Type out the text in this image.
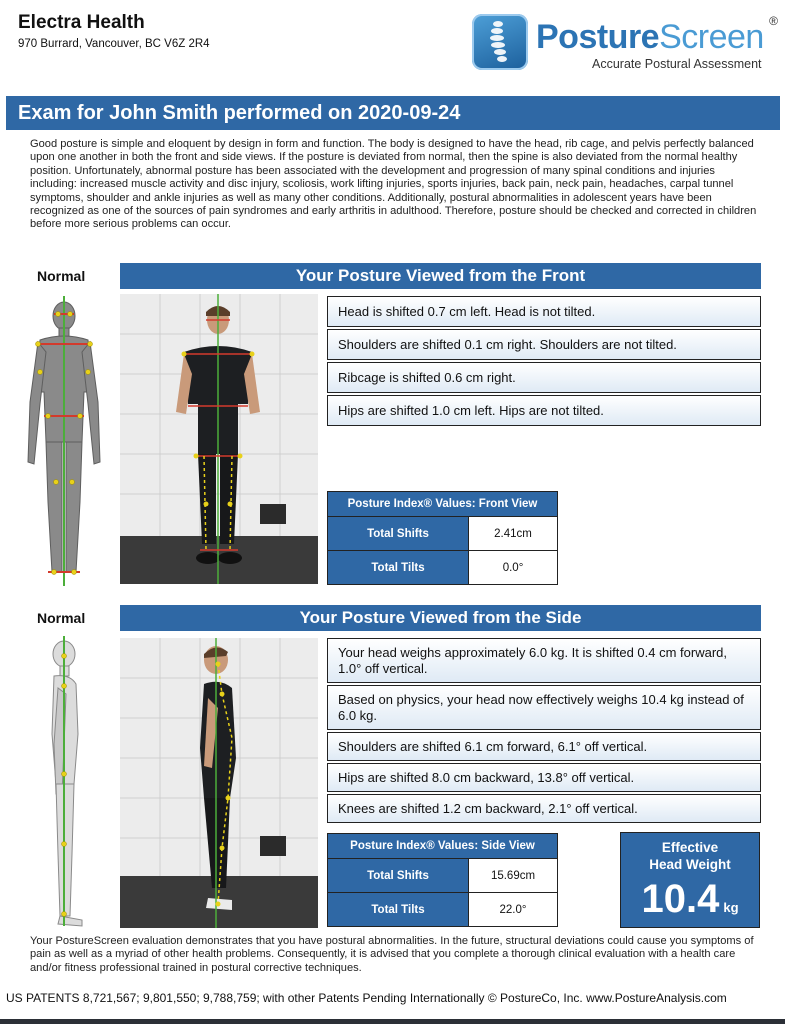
Electra Health
970 Burrard, Vancouver, BC V6Z 2R4	PostureScreen ®
Accurate Postural Assessment
Exam for John Smith performed on 2020-09-24
Good posture is simple and eloquent by design in form and function. The body is designed to have the head, rib cage, and pelvis perfectly balanced upon one another in both the front and side views. If the posture is deviated from normal, then the spine is also deviated from the normal healthy position. Unfortunately, abnormal posture has been associated with the development and progression of many spinal conditions and injuries including: increased muscle activity and disc injury, scoliosis, work lifting injuries, sports injuries, back pain, neck pain, headaches, carpal tunnel symptoms, shoulder and ankle injuries as well as many other conditions. Additionally, postural abnormalities in adolescent years have been recognized as one of the sources of pain syndromes and early arthritis in adulthood. Therefore, posture should be checked and corrected in children before more serious problems can occur.
Normal	Your Posture Viewed from the Front
Head is shifted 0.7 cm left. Head is not tilted.
Shoulders are shifted 0.1 cm right. Shoulders are not tilted.
Ribcage is shifted 0.6 cm right.
Hips are shifted 1.0 cm left. Hips are not tilted.
Posture Index® Values: Front View	
Total Shifts	2.41cm
Total Tilts	0.0°
Normal	Your Posture Viewed from the Side
Your head weighs approximately 6.0 kg. It is shifted 0.4 cm forward, 1.0° off vertical.
Based on physics, your head now effectively weighs 10.4 kg instead of 6.0 kg.
Shoulders are shifted 6.1 cm forward, 6.1° off vertical.
Hips are shifted 8.0 cm backward, 13.8° off vertical.
Knees are shifted 1.2 cm backward, 2.1° off vertical.
Posture Index® Values: Side View	
Total Shifts	15.69cm
Total Tilts	22.0°
Effective
Head Weight
10.4 kg
Your PostureScreen evaluation demonstrates that you have postural abnormalities. In the future, structural deviations could cause you symptoms of pain as well as a myriad of other health problems. Consequently, it is advised that you complete a thorough clinical evaluation with a health care and/or fitness professional trained in postural corrective techniques.
US PATENTS 8,721,567; 9,801,550; 9,788,759; with other Patents Pending Internationally © PostureCo, Inc. www.PostureAnalysis.com
